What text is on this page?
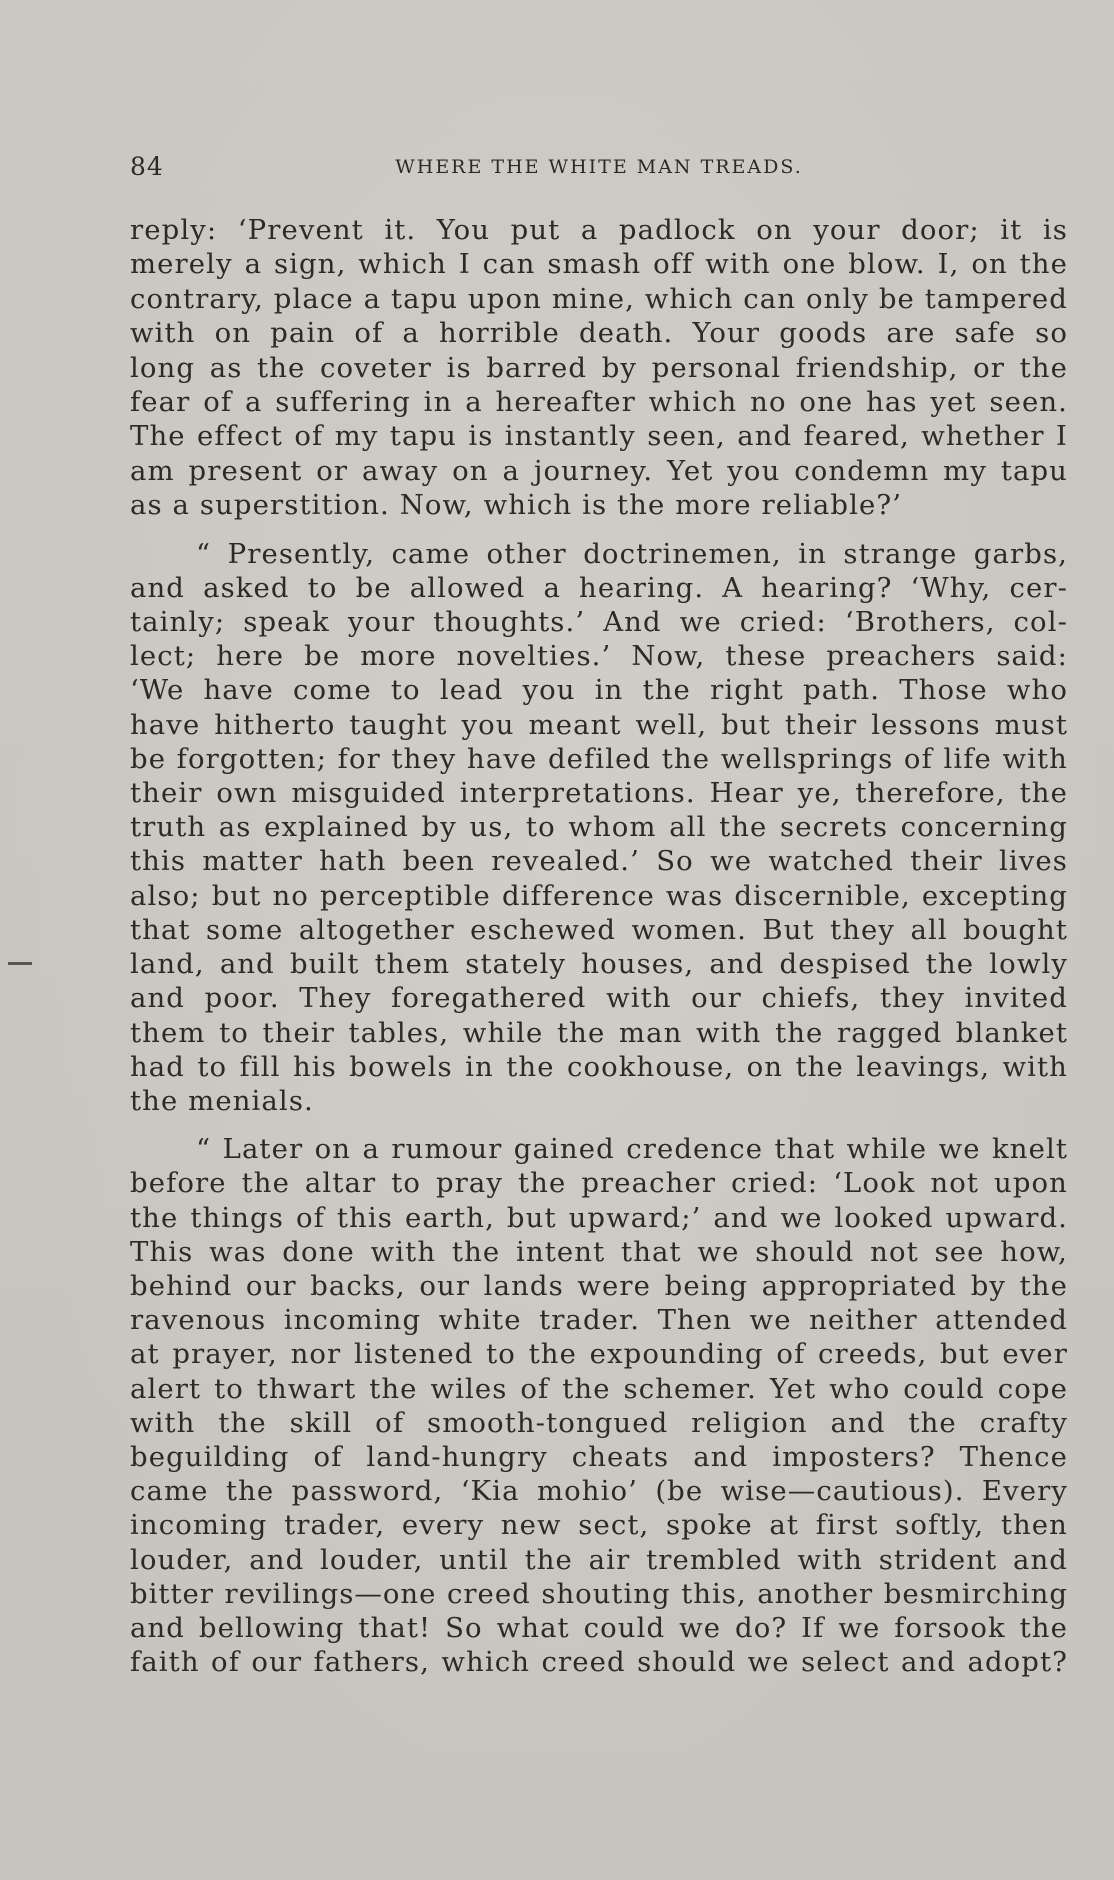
84	WHERE THE WHITE MAN TREADS.

reply: ‘Prevent it. You put a padlock on your door; it is
merely a sign, which I can smash off with one blow. I, on the
contrary, place a tapu upon mine, which can only be tampered
with on pain of a horrible death. Your goods are safe so
long as the coveter is barred by personal friendship, or the
fear of a suffering in a hereafter which no one has yet seen.
The effect of my tapu is instantly seen, and feared, whether I
am present or away on a journey. Yet you condemn my tapu
as a superstition. Now, which is the more reliable?’

“ Presently, came other doctrinemen, in strange garbs,
and asked to be allowed a hearing. A hearing? ‘Why, cer-
tainly; speak your thoughts.’ And we cried: ‘Brothers, col-
lect; here be more novelties.’ Now, these preachers said:
‘We have come to lead you in the right path. Those who
have hitherto taught you meant well, but their lessons must
be forgotten; for they have defiled the wellsprings of life with
their own misguided interpretations. Hear ye, therefore, the
truth as explained by us, to whom all the secrets concerning
this matter hath been revealed.’ So we watched their lives
also; but no perceptible difference was discernible, excepting
that some altogether eschewed women. But they all bought
land, and built them stately houses, and despised the lowly
and poor. They foregathered with our chiefs, they invited
them to their tables, while the man with the ragged blanket
had to fill his bowels in the cookhouse, on the leavings, with
the menials.

“ Later on a rumour gained credence that while we knelt
before the altar to pray the preacher cried: ‘Look not upon
the things of this earth, but upward;’ and we looked upward.
This was done with the intent that we should not see how,
behind our backs, our lands were being appropriated by the
ravenous incoming white trader. Then we neither attended
at prayer, nor listened to the expounding of creeds, but ever
alert to thwart the wiles of the schemer. Yet who could cope
with the skill of smooth-tongued religion and the crafty
beguilding of land-hungry cheats and imposters? Thence
came the password, ‘Kia mohio’ (be wise—cautious). Every
incoming trader, every new sect, spoke at first softly, then
louder, and louder, until the air trembled with strident and
bitter revilings—one creed shouting this, another besmirching
and bellowing that! So what could we do? If we forsook the
faith of our fathers, which creed should we select and adopt?
